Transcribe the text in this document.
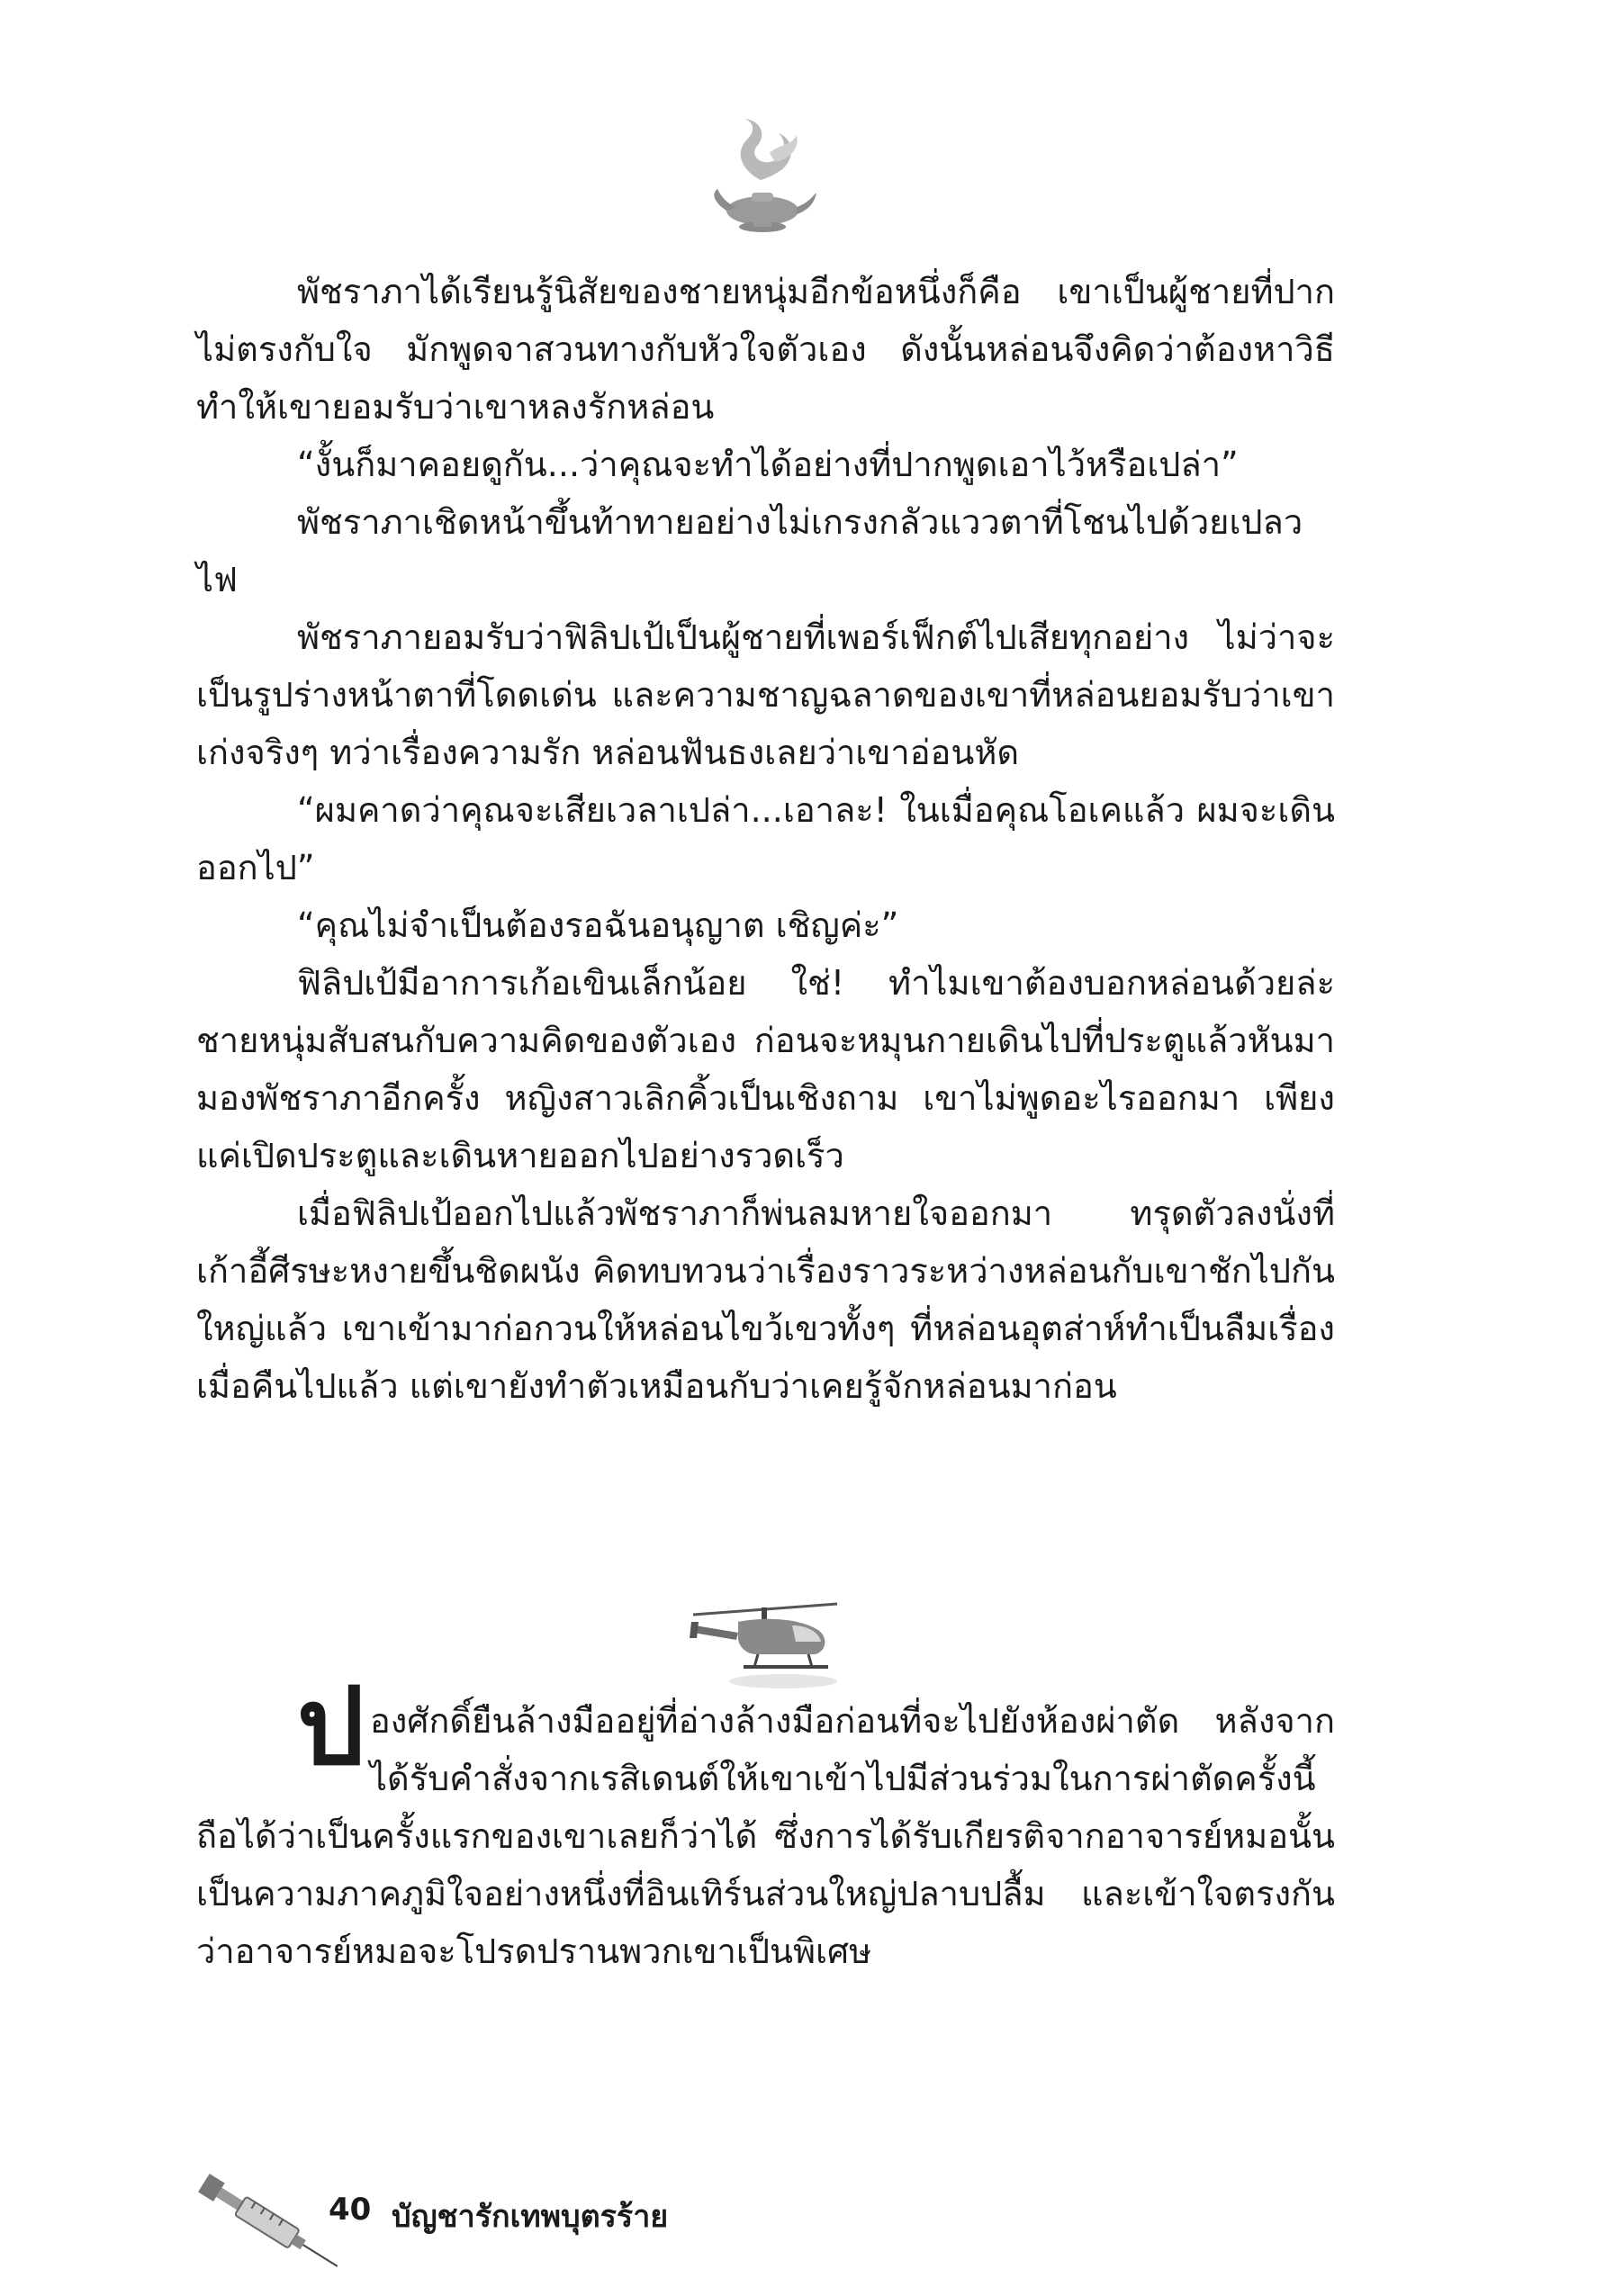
พัชราภาได้เรียนรู้นิสัยของชายหนุ่มอีกข้อหนึ่งก็คือ เขาเป็นผู้ชายที่ปากไม่ตรงกับใจ มักพูดจาสวนทางกับหัวใจตัวเอง ดังนั้นหล่อนจึงคิดว่าต้องหาวิธีทำให้เขายอมรับว่าเขาหลงรักหล่อน

“งั้นก็มาคอยดูกัน...ว่าคุณจะทำได้อย่างที่ปากพูดเอาไว้หรือเปล่า”

พัชราภาเชิดหน้าขึ้นท้าทายอย่างไม่เกรงกลัวแววตาที่โชนไปด้วยเปลวไฟ

พัชราภายอมรับว่าฟิลิปเป้เป็นผู้ชายที่เพอร์เฟ็กต์ไปเสียทุกอย่าง ไม่ว่าจะเป็นรูปร่างหน้าตาที่โดดเด่น และความชาญฉลาดของเขาที่หล่อนยอมรับว่าเขาเก่งจริงๆ ทว่าเรื่องความรัก หล่อนฟันธงเลยว่าเขาอ่อนหัด

“ผมคาดว่าคุณจะเสียเวลาเปล่า...เอาละ! ในเมื่อคุณโอเคแล้ว ผมจะเดินออกไป”

“คุณไม่จำเป็นต้องรอฉันอนุญาต เชิญค่ะ”

ฟิลิปเป้มีอาการเก้อเขินเล็กน้อย ใช่! ทำไมเขาต้องบอกหล่อนด้วยล่ะ ชายหนุ่มสับสนกับความคิดของตัวเอง ก่อนจะหมุนกายเดินไปที่ประตูแล้วหันมามองพัชราภาอีกครั้ง หญิงสาวเลิกคิ้วเป็นเชิงถาม เขาไม่พูดอะไรออกมา เพียงแค่เปิดประตูและเดินหายออกไปอย่างรวดเร็ว

เมื่อฟิลิปเป้ออกไปแล้วพัชราภาก็พ่นลมหายใจออกมา ทรุดตัวลงนั่งที่เก้าอี้ศีรษะหงายขึ้นชิดผนัง คิดทบทวนว่าเรื่องราวระหว่างหล่อนกับเขาชักไปกันใหญ่แล้ว เขาเข้ามาก่อกวนให้หล่อนไขว้เขวทั้งๆ ที่หล่อนอุตส่าห์ทำเป็นลืมเรื่องเมื่อคืนไปแล้ว แต่เขายังทำตัวเหมือนกับว่าเคยรู้จักหล่อนมาก่อน

ป องศักดิ์ยืนล้างมืออยู่ที่อ่างล้างมือก่อนที่จะไปยังห้องผ่าตัด หลังจากได้รับคำสั่งจากเรสิเดนต์ให้เขาเข้าไปมีส่วนร่วมในการผ่าตัดครั้งนี้ ถือได้ว่าเป็นครั้งแรกของเขาเลยก็ว่าได้ ซึ่งการได้รับเกียรติจากอาจารย์หมอนั้นเป็นความภาคภูมิใจอย่างหนึ่งที่อินเทิร์นส่วนใหญ่ปลาบปลื้ม และเข้าใจตรงกันว่าอาจารย์หมอจะโปรดปรานพวกเขาเป็นพิเศษ

40 บัญชารักเทพบุตรร้าย
